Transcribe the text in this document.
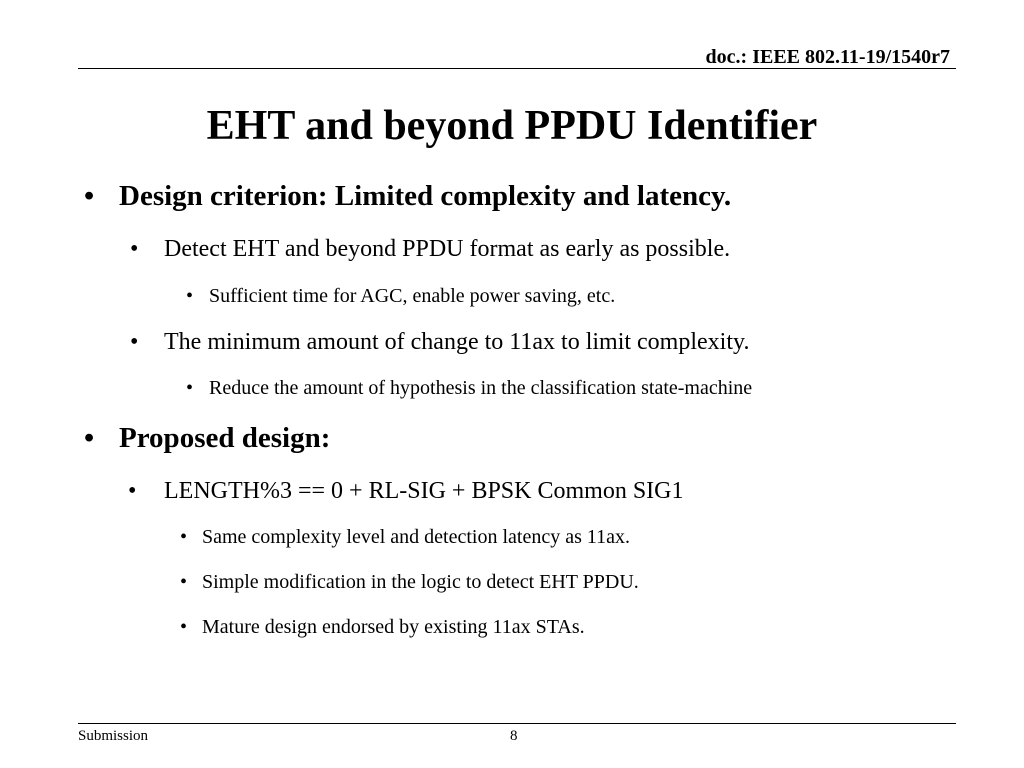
doc.: IEEE 802.11-19/1540r7
EHT and beyond PPDU Identifier
• Design criterion: Limited complexity and latency.
• Detect EHT and beyond PPDU format as early as possible.
• Sufficient time for AGC, enable power saving, etc.
• The minimum amount of change to 11ax to limit complexity.
• Reduce the amount of hypothesis in the classification state-machine
• Proposed design:
• LENGTH%3 == 0 + RL-SIG + BPSK Common SIG1
• Same complexity level and detection latency as 11ax.
• Simple modification in the logic to detect EHT PPDU.
• Mature design endorsed by existing 11ax STAs.
Submission	8
